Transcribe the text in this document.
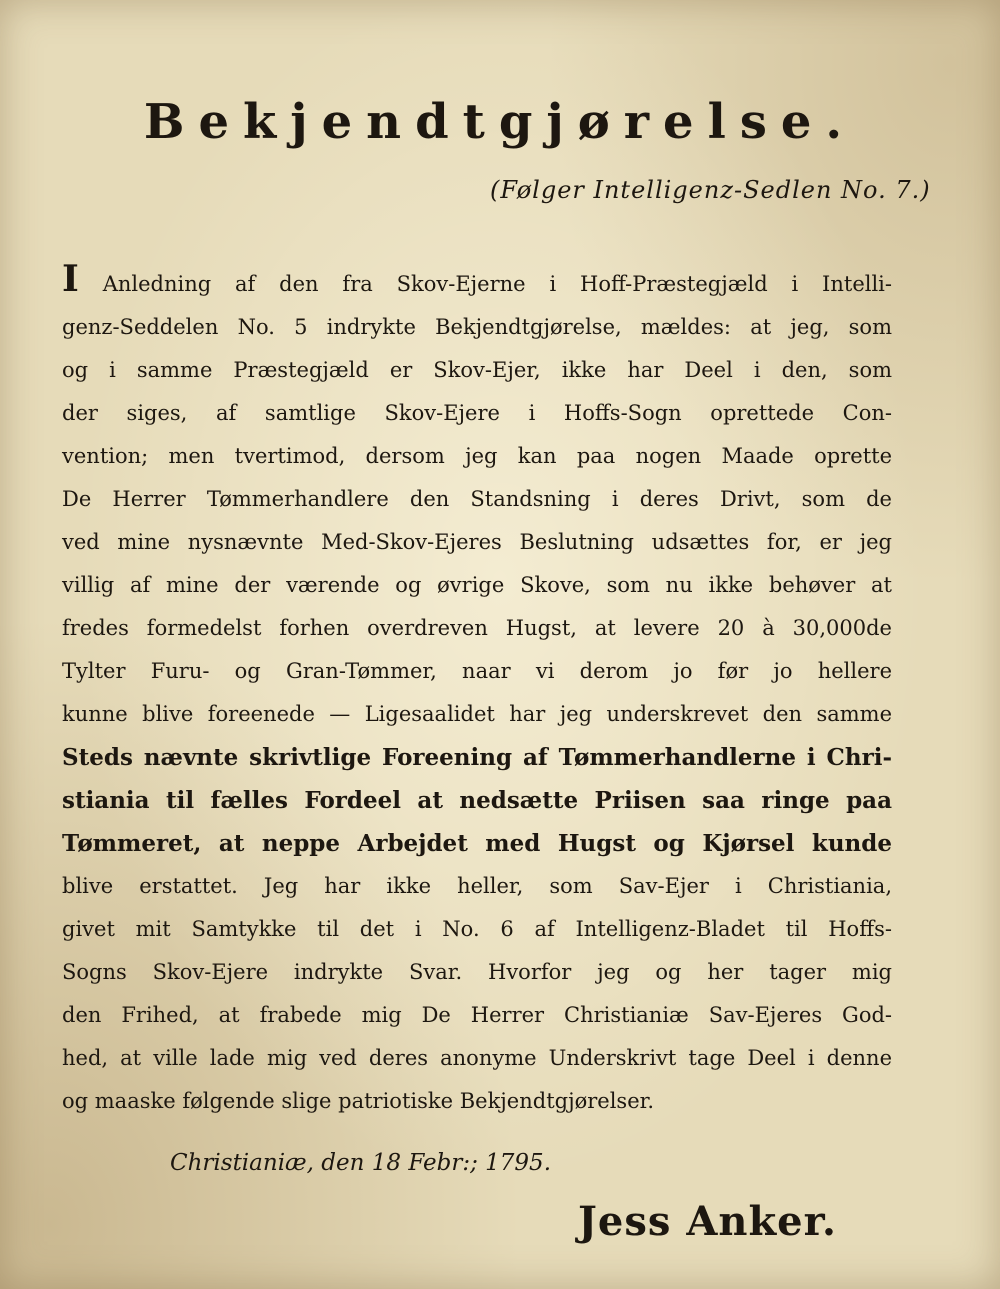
Bekjendtgjørelse.
(Følger Intelligenz-Sedlen No. 7.)
I Anledning af den fra Skov-Ejerne i Hoff-Præstegjæld i Intelli-
genz-Seddelen No. 5 indrykte Bekjendtgjørelse, mældes: at jeg, som
og i samme Præstegjæld er Skov-Ejer, ikke har Deel i den, som
der siges, af samtlige Skov-Ejere i Hoffs-Sogn oprettede Con-
vention; men tvertimod, dersom jeg kan paa nogen Maade oprette
De Herrer Tømmerhandlere den Standsning i deres Drivt, som de
ved mine nysnævnte Med-Skov-Ejeres Beslutning udsættes for, er jeg
villig af mine der værende og øvrige Skove, som nu ikke behøver at
fredes formedelst forhen overdreven Hugst, at levere 20 à 30,000de
Tylter Furu- og Gran-Tømmer, naar vi derom jo før jo hellere
kunne blive foreenede — Ligesaalidet har jeg underskrevet den samme
Steds nævnte skrivtlige Foreening af Tømmerhandlerne i Chri-
stiania til fælles Fordeel at nedsætte Priisen saa ringe paa
Tømmeret, at neppe Arbejdet med Hugst og Kjørsel kunde
blive erstattet. Jeg har ikke heller, som Sav-Ejer i Christiania,
givet mit Samtykke til det i No. 6 af Intelligenz-Bladet til Hoffs-
Sogns Skov-Ejere indrykte Svar. Hvorfor jeg og her tager mig
den Frihed, at frabede mig De Herrer Christianiæ Sav-Ejeres God-
hed, at ville lade mig ved deres anonyme Underskrivt tage Deel i denne
og maaske følgende slige patriotiske Bekjendtgjørelser.
Christianiæ, den 18 Febr:; 1795.
Jess Anker.
